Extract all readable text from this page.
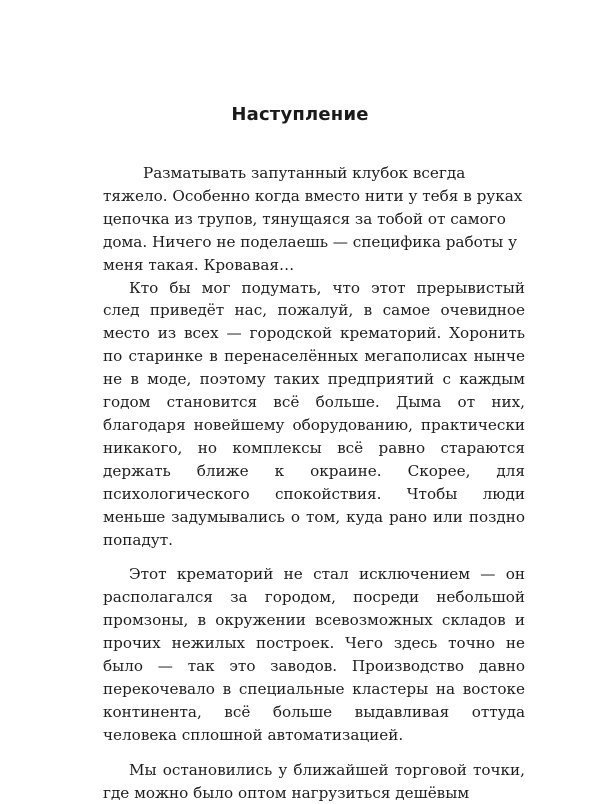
Наступление

Разматывать запутанный клубок всегда тяжело. Особенно когда вместо нити у тебя в руках цепочка из трупов, тянущаяся за тобой от самого дома. Ничего не поделаешь — специфика работы у меня такая. Кровавая…

Кто бы мог подумать, что этот прерывистый след приведёт нас, пожалуй, в самое очевидное место из всех — городской крематорий. Хоронить по старинке в перенаселённых мегаполисах нынче не в моде, поэтому таких предприятий с каждым годом становится всё больше. Дыма от них, благодаря новейшему оборудованию, практически никакого, но комплексы всё равно стараются держать ближе к окраине. Скорее, для психологического спокойствия. Чтобы люди меньше задумывались о том, куда рано или поздно попадут.

Этот крематорий не стал исключением — он располагался за городом, посреди небольшой промзоны, в окружении всевозможных складов и прочих нежилых построек. Чего здесь точно не было — так это заводов. Производство давно перекочевало в специальные кластеры на востоке континента, всё больше выдавливая оттуда человека сплошной автоматизацией.

Мы остановились у ближайшей торговой точки, где можно было оптом нагрузиться дешёвым
